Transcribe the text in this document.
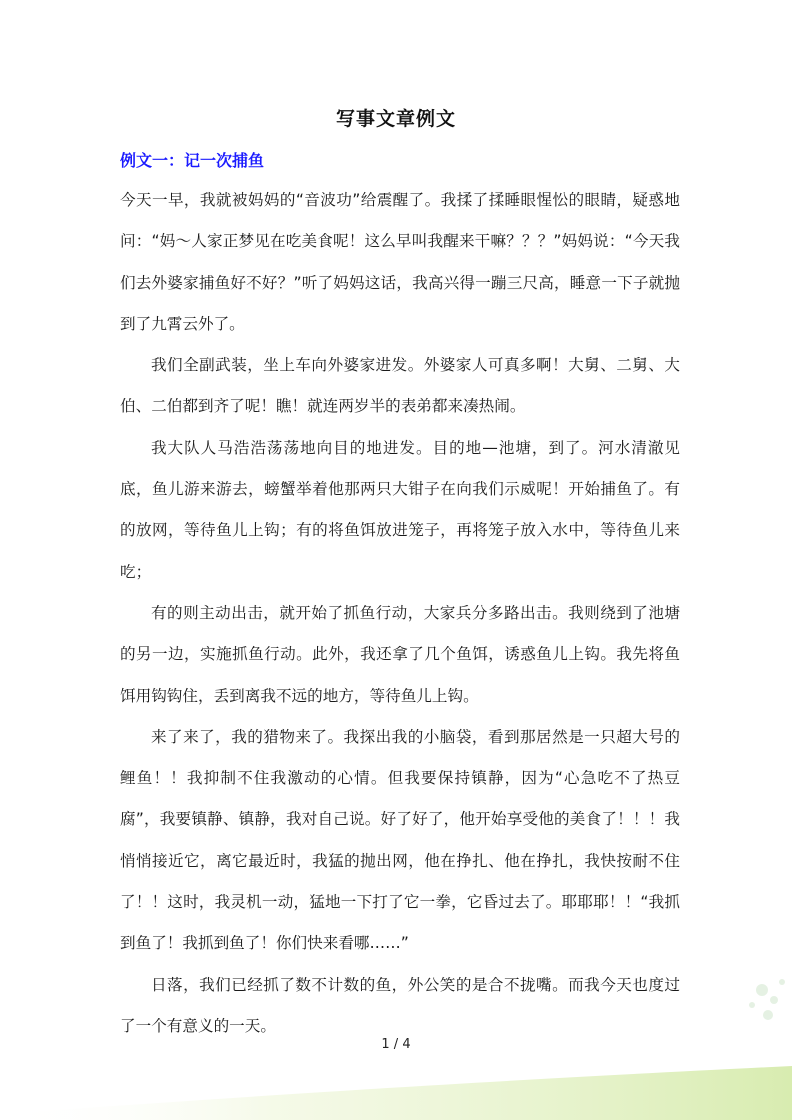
写事文章例文
例文一：记一次捕鱼

今天一早，我就被妈妈的“音波功”给震醒了。我揉了揉睡眼惺忪的眼睛，疑惑地问：“妈～人家正梦见在吃美食呢！这么早叫我醒来干嘛？？？”妈妈说：“今天我们去外婆家捕鱼好不好？”听了妈妈这话，我高兴得一蹦三尺高，睡意一下子就抛到了九霄云外了。

我们全副武装，坐上车向外婆家进发。外婆家人可真多啊！大舅、二舅、大伯、二伯都到齐了呢！瞧！就连两岁半的表弟都来凑热闹。

我大队人马浩浩荡荡地向目的地进发。目的地—池塘，到了。河水清澈见底，鱼儿游来游去，螃蟹举着他那两只大钳子在向我们示威呢！开始捕鱼了。有的放网，等待鱼儿上钩；有的将鱼饵放进笼子，再将笼子放入水中，等待鱼儿来吃；

有的则主动出击，就开始了抓鱼行动，大家兵分多路出击。我则绕到了池塘的另一边，实施抓鱼行动。此外，我还拿了几个鱼饵，诱惑鱼儿上钩。我先将鱼饵用钩钩住，丢到离我不远的地方，等待鱼儿上钩。

来了来了，我的猎物来了。我探出我的小脑袋，看到那居然是一只超大号的鲤鱼！！我抑制不住我激动的心情。但我要保持镇静，因为“心急吃不了热豆腐”，我要镇静、镇静，我对自己说。好了好了，他开始享受他的美食了！！！我悄悄接近它，离它最近时，我猛的抛出网，他在挣扎、他在挣扎，我快按耐不住了！！这时，我灵机一动，猛地一下打了它一拳，它昏过去了。耶耶耶！！“我抓到鱼了！我抓到鱼了！你们快来看哪……”

日落，我们已经抓了数不计数的鱼，外公笑的是合不拢嘴。而我今天也度过了一个有意义的一天。

1 / 4
